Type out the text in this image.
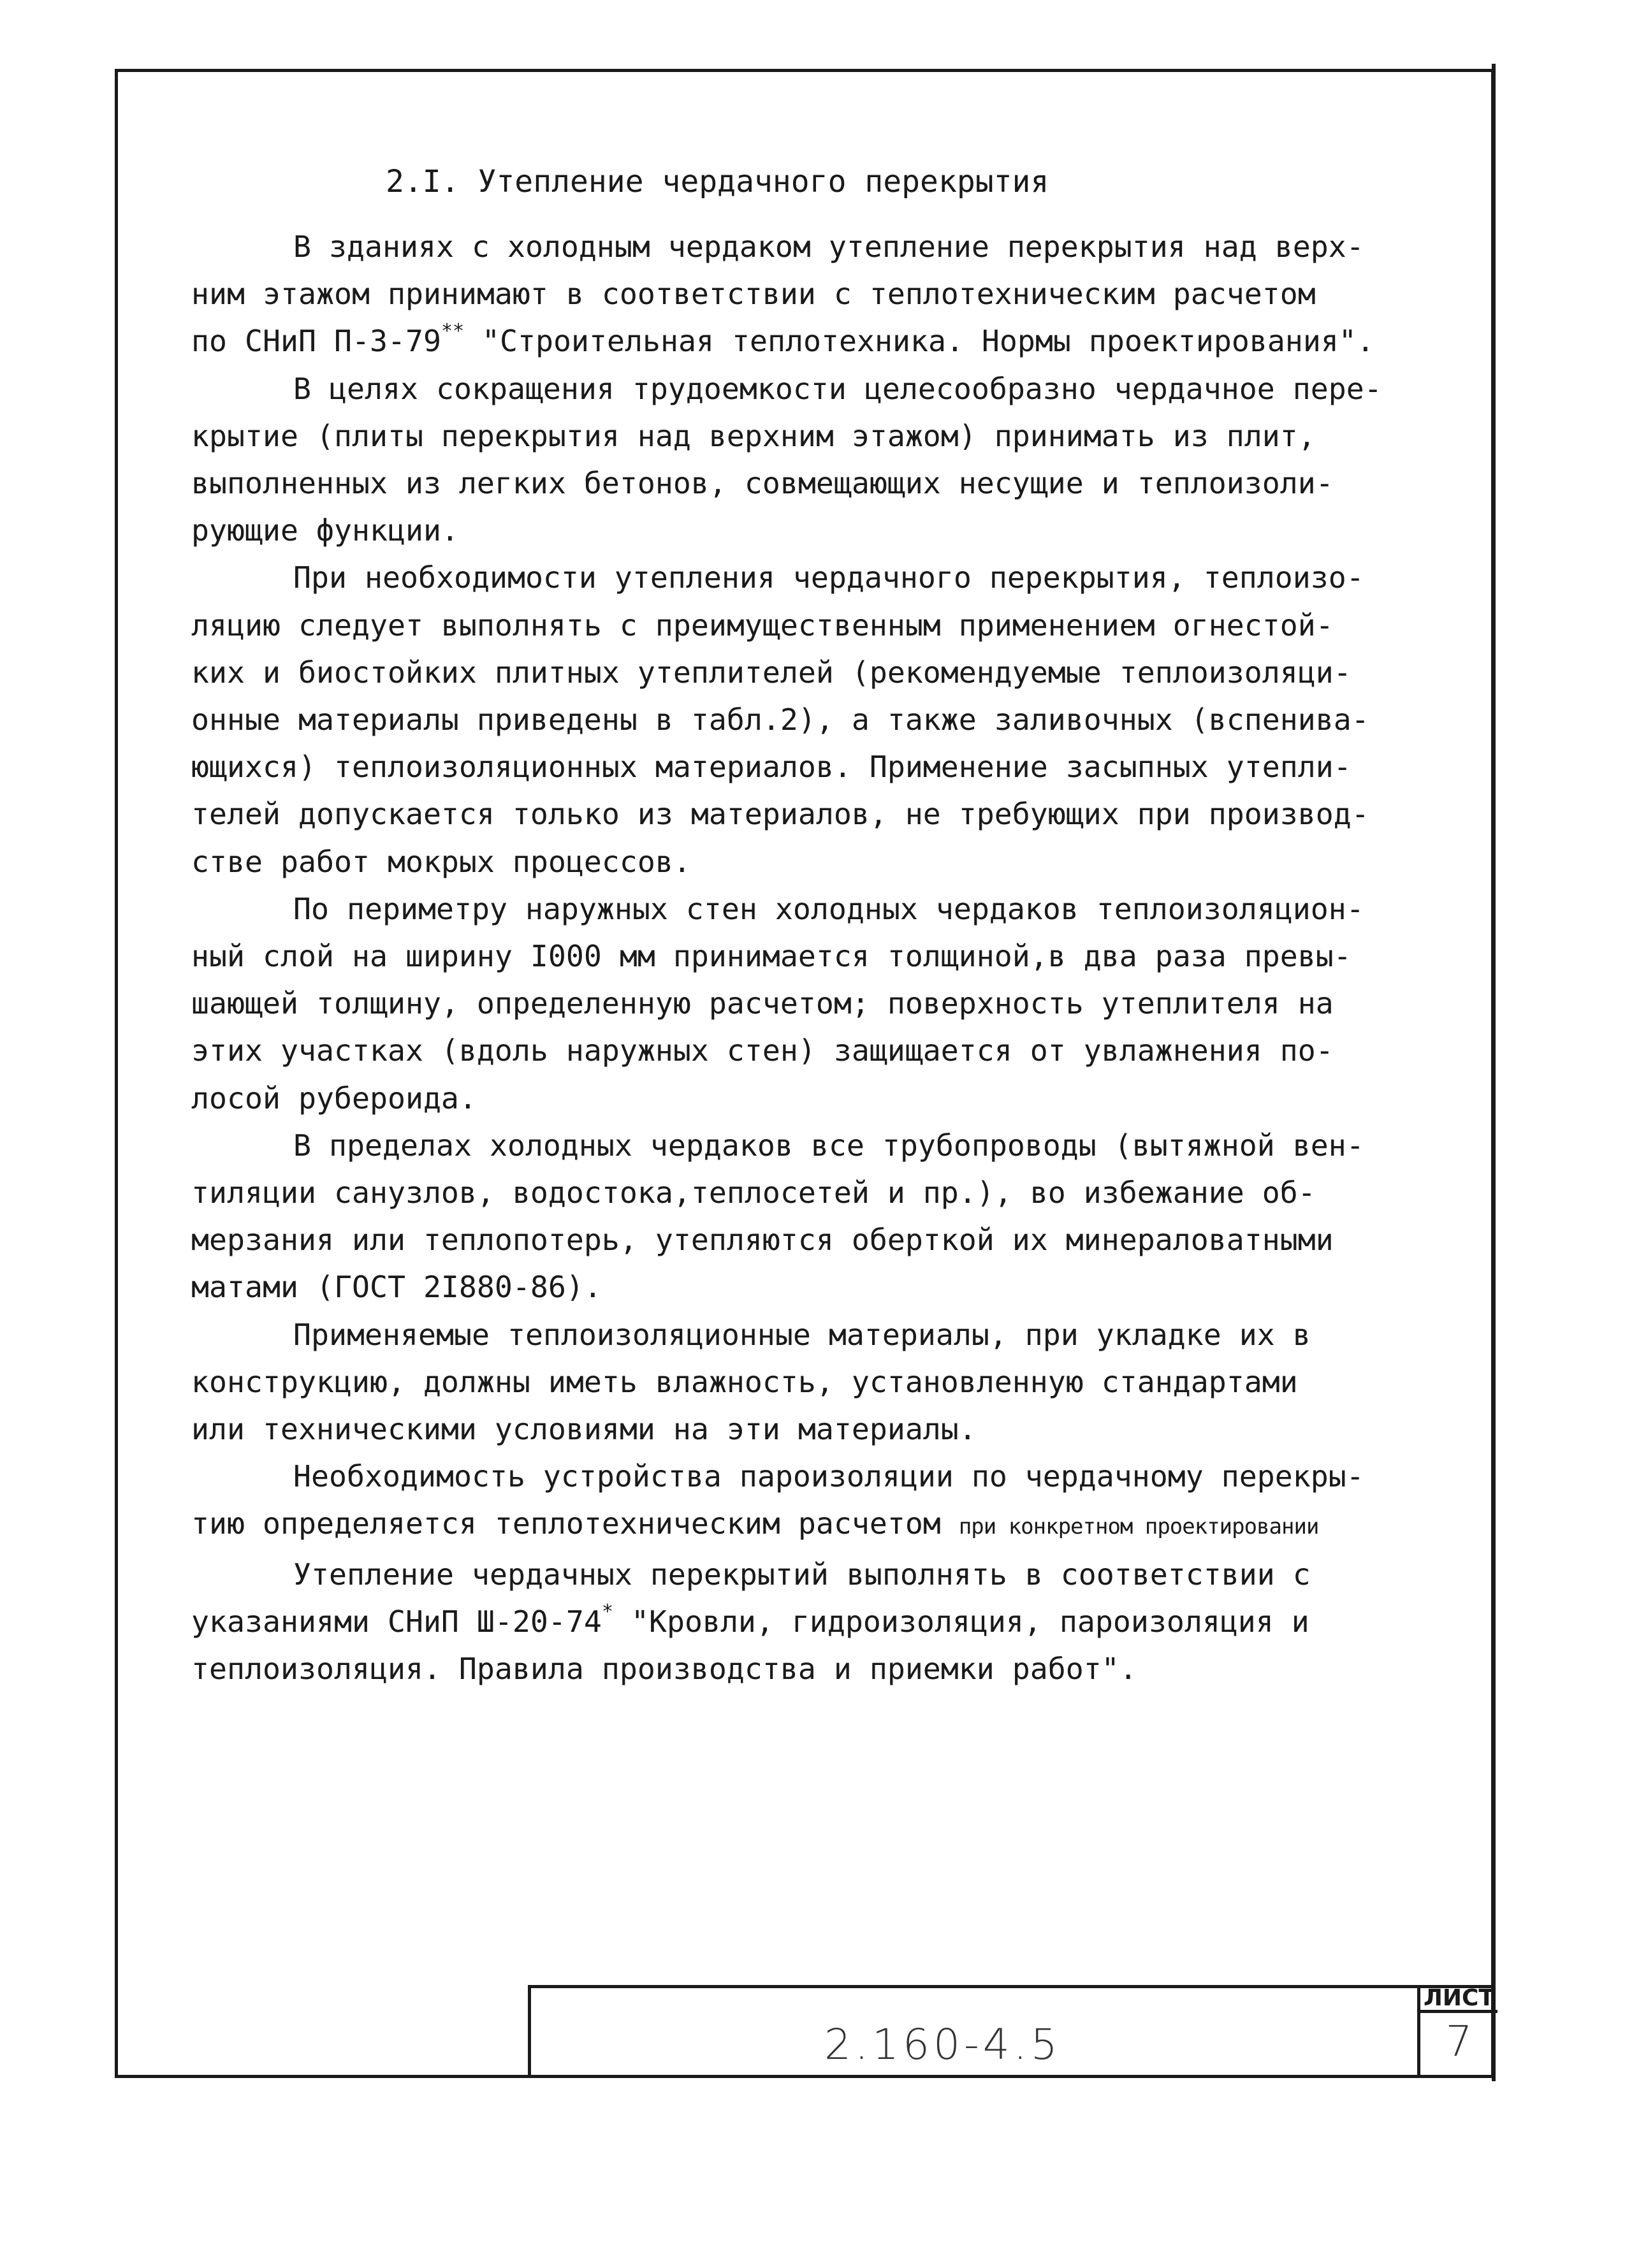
2.I. Утепление чердачного перекрытия
В зданиях с холодным чердаком утепление перекрытия над верх-
ним этажом принимают в соответствии с теплотехническим расчетом
по СНиП П-3-79** "Строительная теплотехника. Нормы проектирования".
В целях сокращения трудоемкости целесообразно чердачное пере-
крытие (плиты перекрытия над верхним этажом) принимать из плит,
выполненных из легких бетонов, совмещающих несущие и теплоизоли-
рующие функции.
При необходимости утепления чердачного перекрытия, теплоизо-
ляцию следует выполнять с преимущественным применением огнестой-
ких и биостойких плитных утеплителей (рекомендуемые теплоизоляци-
онные материалы приведены в табл.2), а также заливочных (вспенива-
ющихся) теплоизоляционных материалов. Применение засыпных утепли-
телей допускается только из материалов, не требующих при производ-
стве работ мокрых процессов.
По периметру наружных стен холодных чердаков теплоизоляцион-
ный слой на ширину I000 мм принимается толщиной,в два раза превы-
шающей толщину, определенную расчетом; поверхность утеплителя на
этих участках (вдоль наружных стен) защищается от увлажнения по-
лосой рубероида.
В пределах холодных чердаков все трубопроводы (вытяжной вен-
тиляции санузлов, водостока,теплосетей и пр.), во избежание об-
мерзания или теплопотерь, утепляются оберткой их минераловатными
матами (ГОСТ 2I880-86).
Применяемые теплоизоляционные материалы, при укладке их в
конструкцию, должны иметь влажность, установленную стандартами
или техническими условиями на эти материалы.
Необходимость устройства пароизоляции по чердачному перекры-
тию определяется теплотехническим расчетом при конкретном проектировании
Утепление чердачных перекрытий выполнять в соответствии с
указаниями СНиП Ш-20-74* "Кровли, гидроизоляция, пароизоляция и
теплоизоляция. Правила производства и приемки работ".
2.160-4.5
ЛИСТ
7
